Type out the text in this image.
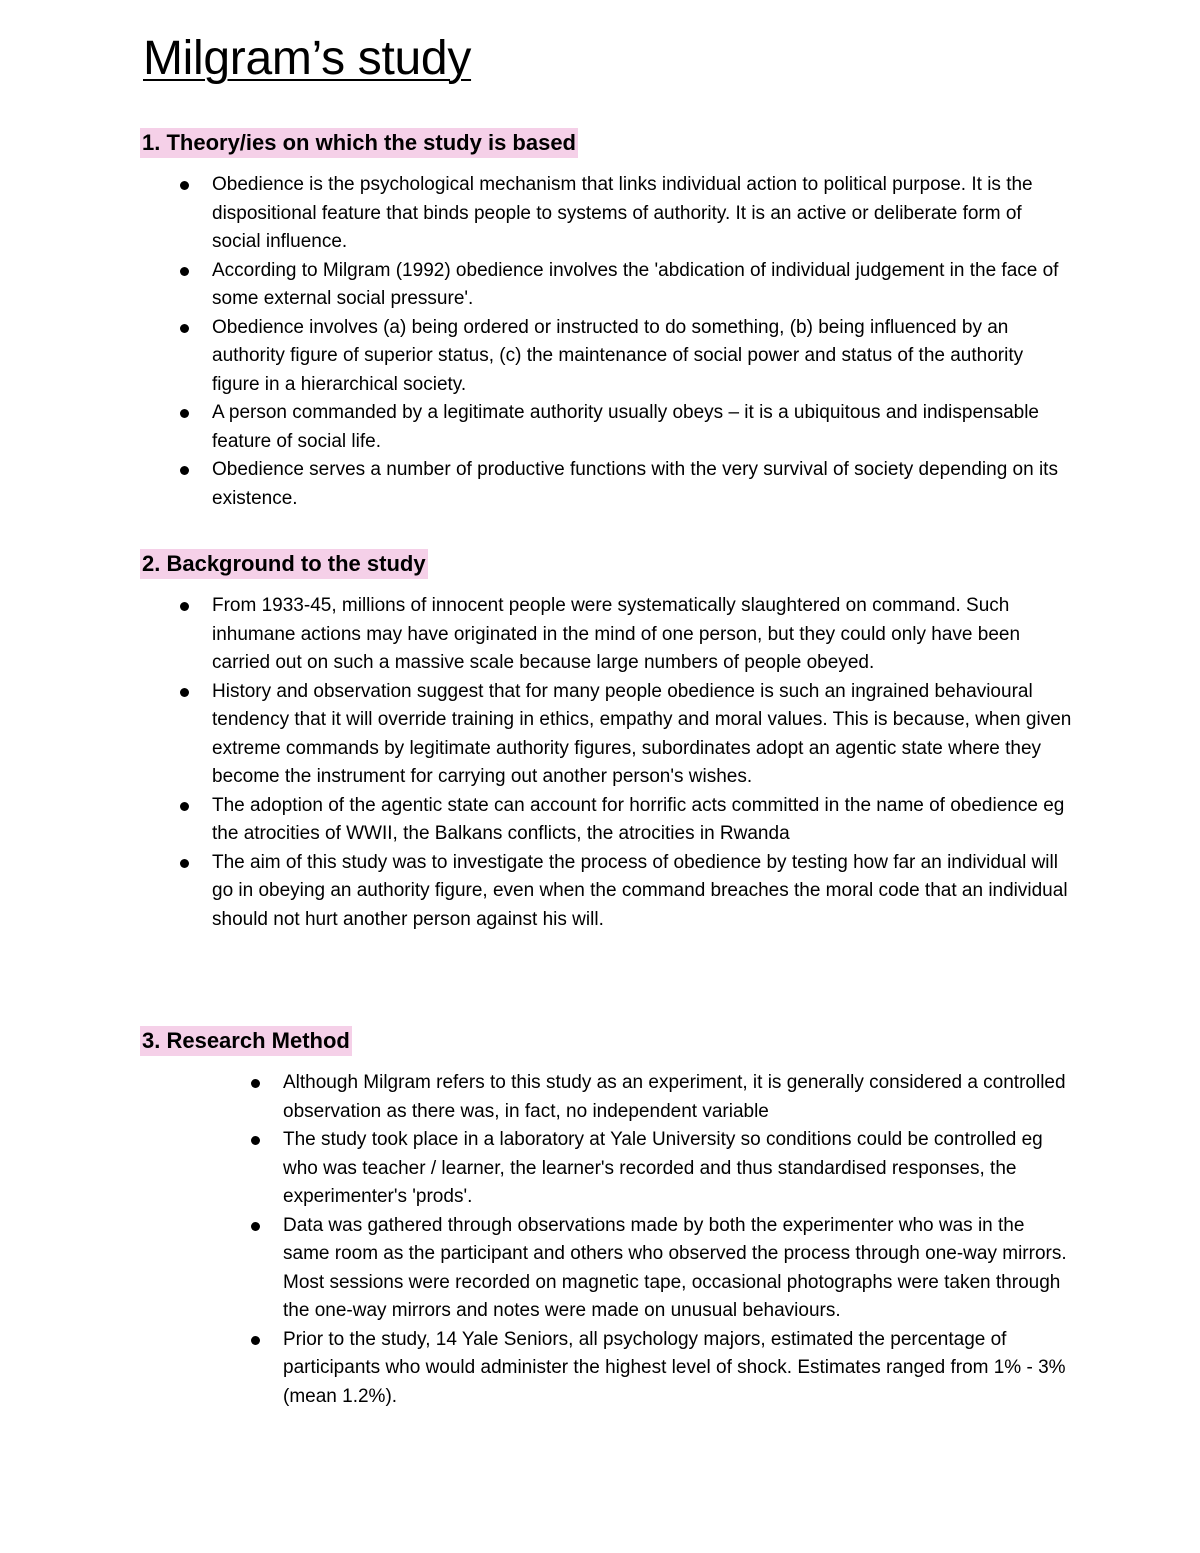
Milgram’s study
1. Theory/ies on which the study is based
Obedience is the psychological mechanism that links individual action to political purpose. It is the dispositional feature that binds people to systems of authority. It is an active or deliberate form of social influence.
According to Milgram (1992) obedience involves the 'abdication of individual judgement in the face of some external social pressure'.
Obedience involves (a) being ordered or instructed to do something, (b) being influenced by an authority figure of superior status, (c) the maintenance of social power and status of the authority figure in a hierarchical society.
A person commanded by a legitimate authority usually obeys – it is a ubiquitous and indispensable feature of social life.
Obedience serves a number of productive functions with the very survival of society depending on its existence.
2. Background to the study
From 1933-45, millions of innocent people were systematically slaughtered on command. Such inhumane actions may have originated in the mind of one person, but they could only have been carried out on such a massive scale because large numbers of people obeyed.
History and observation suggest that for many people obedience is such an ingrained behavioural tendency that it will override training in ethics, empathy and moral values. This is because, when given extreme commands by legitimate authority figures, subordinates adopt an agentic state where they become the instrument for carrying out another person's wishes.
The adoption of the agentic state can account for horrific acts committed in the name of obedience eg the atrocities of WWII, the Balkans conflicts, the atrocities in Rwanda
The aim of this study was to investigate the process of obedience by testing how far an individual will go in obeying an authority figure, even when the command breaches the moral code that an individual should not hurt another person against his will.
3. Research Method
Although Milgram refers to this study as an experiment, it is generally considered a controlled observation as there was, in fact, no independent variable
The study took place in a laboratory at Yale University so conditions could be controlled eg who was teacher / learner, the learner's recorded and thus standardised responses, the experimenter's 'prods'.
Data was gathered through observations made by both the experimenter who was in the same room as the participant and others who observed the process through one-way mirrors. Most sessions were recorded on magnetic tape, occasional photographs were taken through the one-way mirrors and notes were made on unusual behaviours.
Prior to the study, 14 Yale Seniors, all psychology majors, estimated the percentage of participants who would administer the highest level of shock. Estimates ranged from 1% - 3% (mean 1.2%).
